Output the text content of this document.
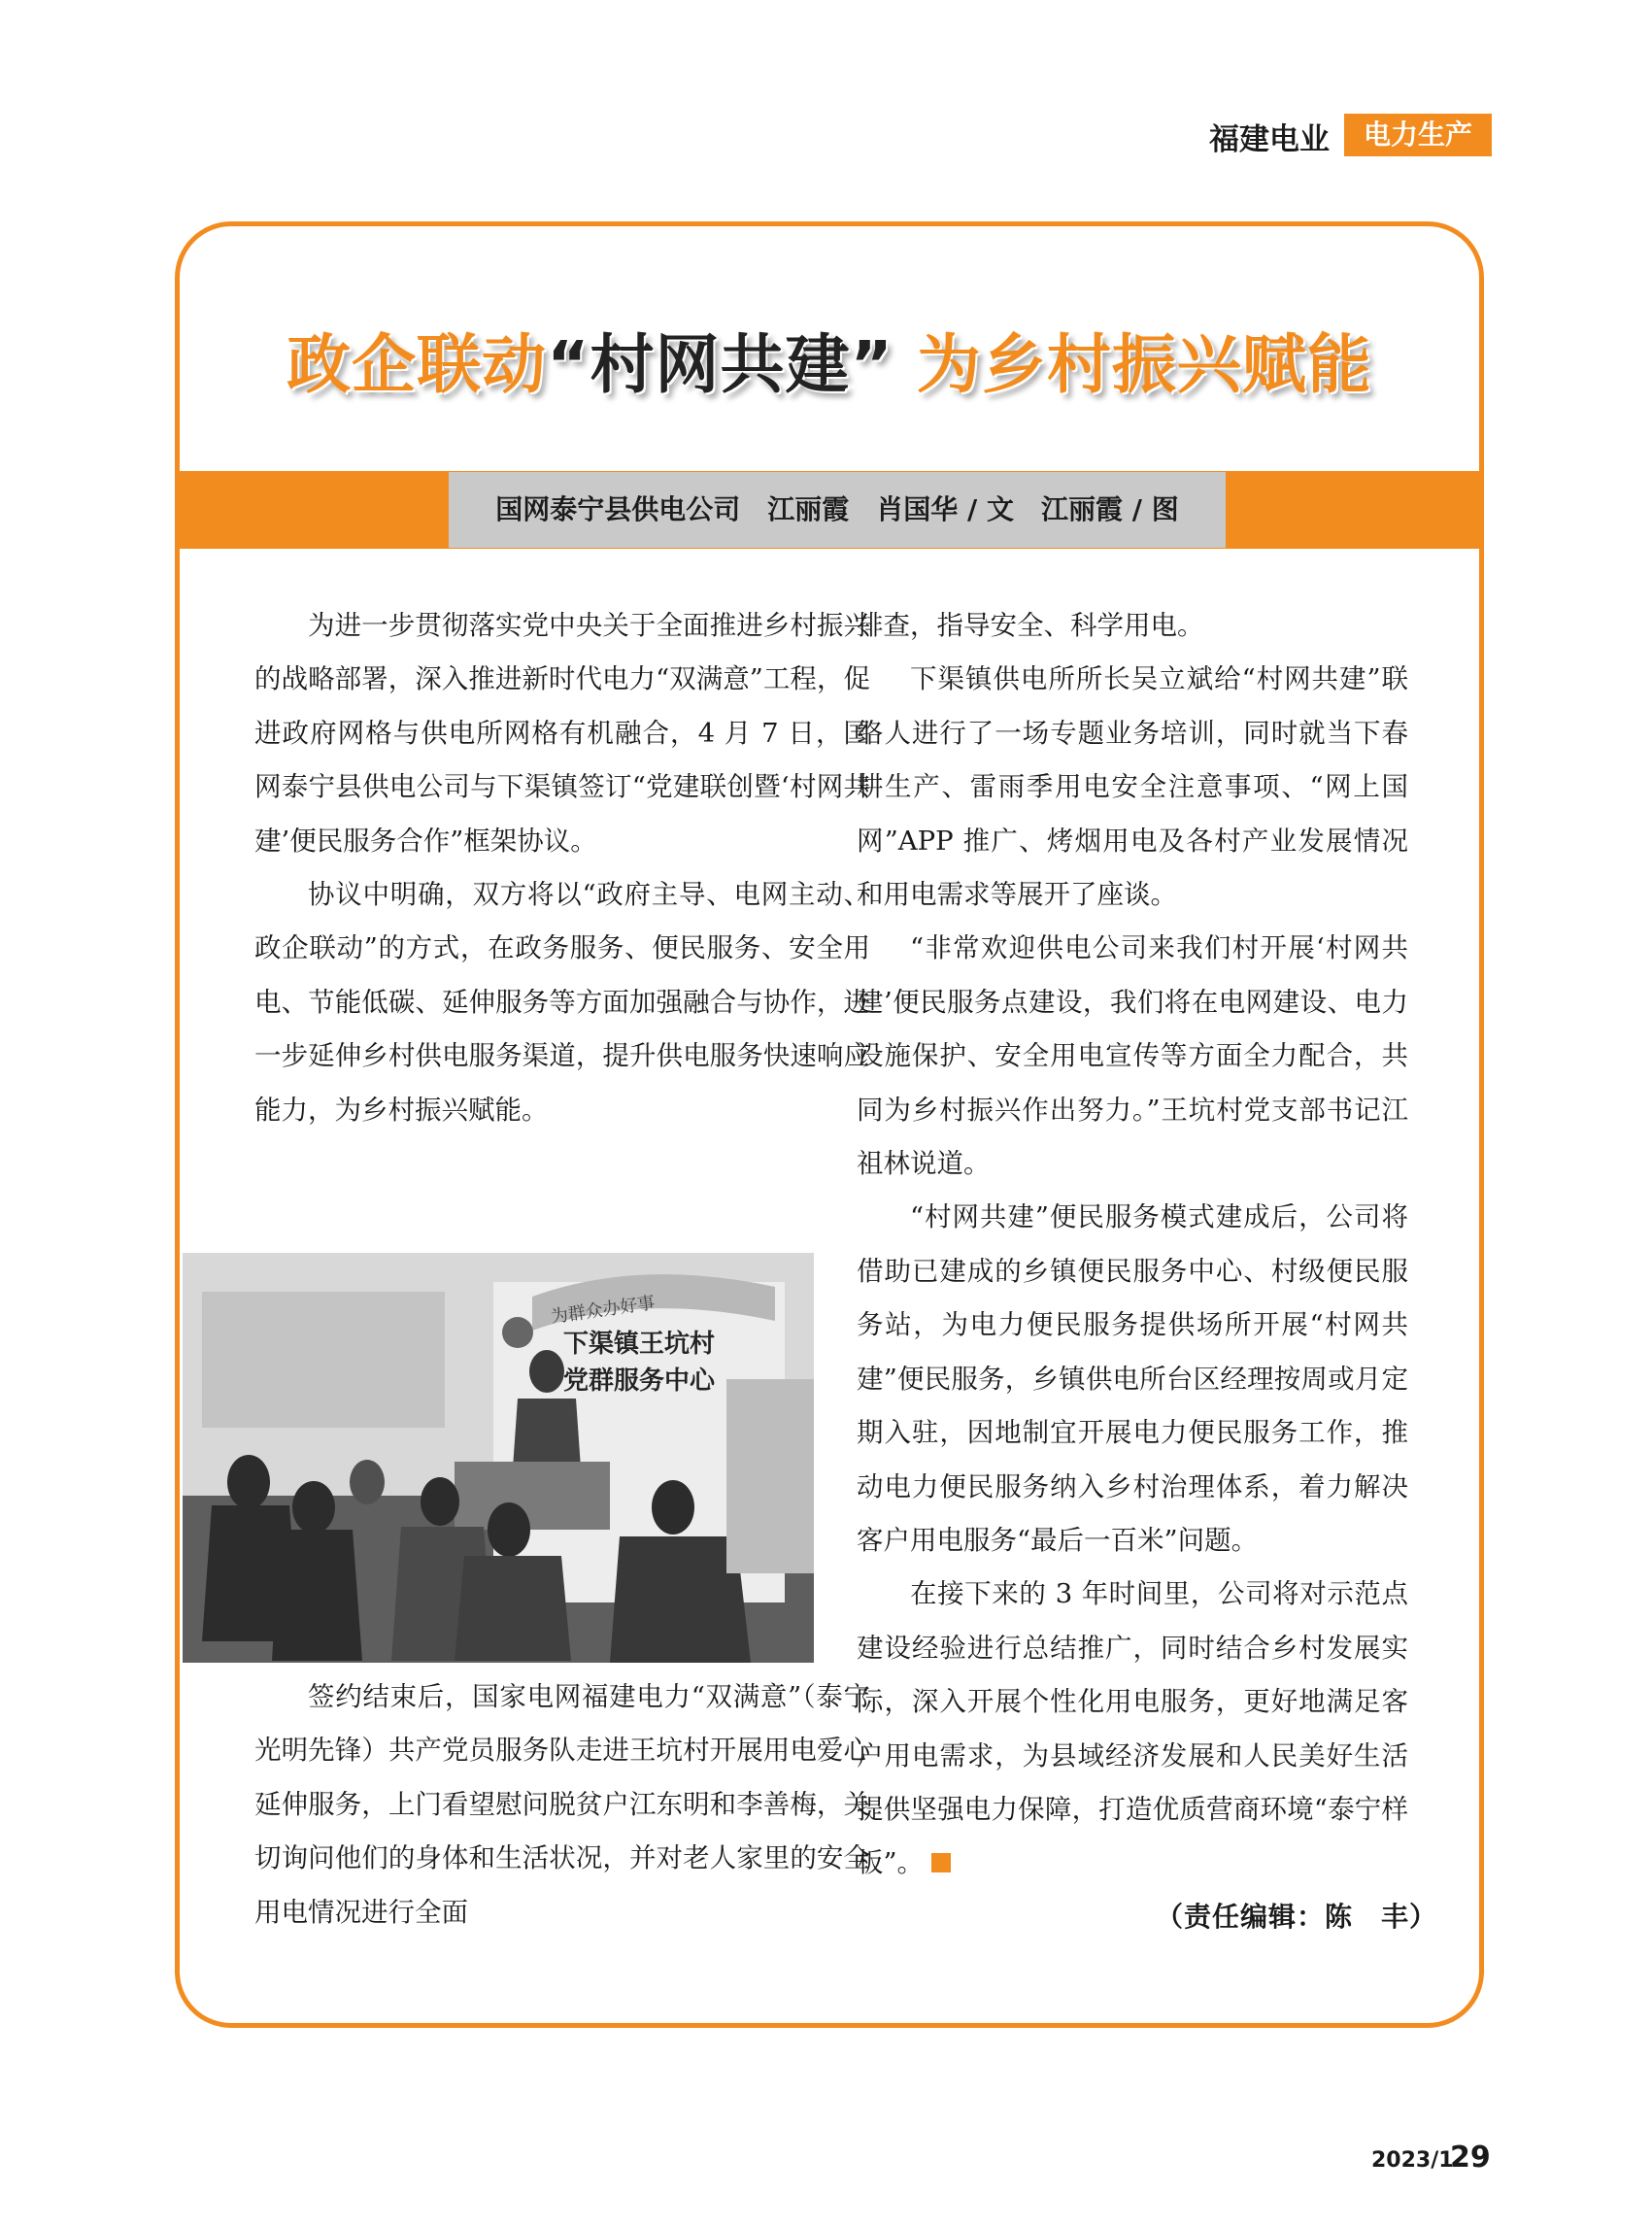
福建电业	电力生产
政企联动“村网共建” 为乡村振兴赋能
国网泰宁县供电公司　江丽霞　肖国华 / 文　江丽霞 / 图

为进一步贯彻落实党中央关于全面推进乡村振兴的战略部署，深入推进新时代电力“双满意”工程，促进政府网格与供电所网格有机融合，4 月 7 日，国网泰宁县供电公司与下渠镇签订“党建联创暨‘村网共建’便民服务合作”框架协议。

协议中明确，双方将以“政府主导、电网主动、政企联动”的方式，在政务服务、便民服务、安全用电、节能低碳、延伸服务等方面加强融合与协作，进一步延伸乡村供电服务渠道，提升供电服务快速响应能力，为乡村振兴赋能。

为群众办好事
下渠镇王坑村
党群服务中心

签约结束后，国家电网福建电力“双满意”（泰宁光明先锋）共产党员服务队走进王坑村开展用电爱心延伸服务，上门看望慰问脱贫户江东明和李善梅，关切询问他们的身体和生活状况，并对老人家里的安全用电情况进行全面

排查，指导安全、科学用电。

下渠镇供电所所长吴立斌给“村网共建”联络人进行了一场专题业务培训，同时就当下春耕生产、雷雨季用电安全注意事项、“网上国网”APP 推广、烤烟用电及各村产业发展情况和用电需求等展开了座谈。

“非常欢迎供电公司来我们村开展‘村网共建’便民服务点建设，我们将在电网建设、电力设施保护、安全用电宣传等方面全力配合，共同为乡村振兴作出努力。”王坑村党支部书记江祖林说道。

“村网共建”便民服务模式建成后，公司将借助已建成的乡镇便民服务中心、村级便民服务站，为电力便民服务提供场所开展“村网共建”便民服务，乡镇供电所台区经理按周或月定期入驻，因地制宜开展电力便民服务工作，推动电力便民服务纳入乡村治理体系，着力解决客户用电服务“最后一百米”问题。

在接下来的 3 年时间里，公司将对示范点建设经验进行总结推广，同时结合乡村发展实际，深入开展个性化用电服务，更好地满足客户用电需求，为县域经济发展和人民美好生活提供坚强电力保障，打造优质营商环境“泰宁样板”。

（责任编辑：陈　丰）
2023/1
29
